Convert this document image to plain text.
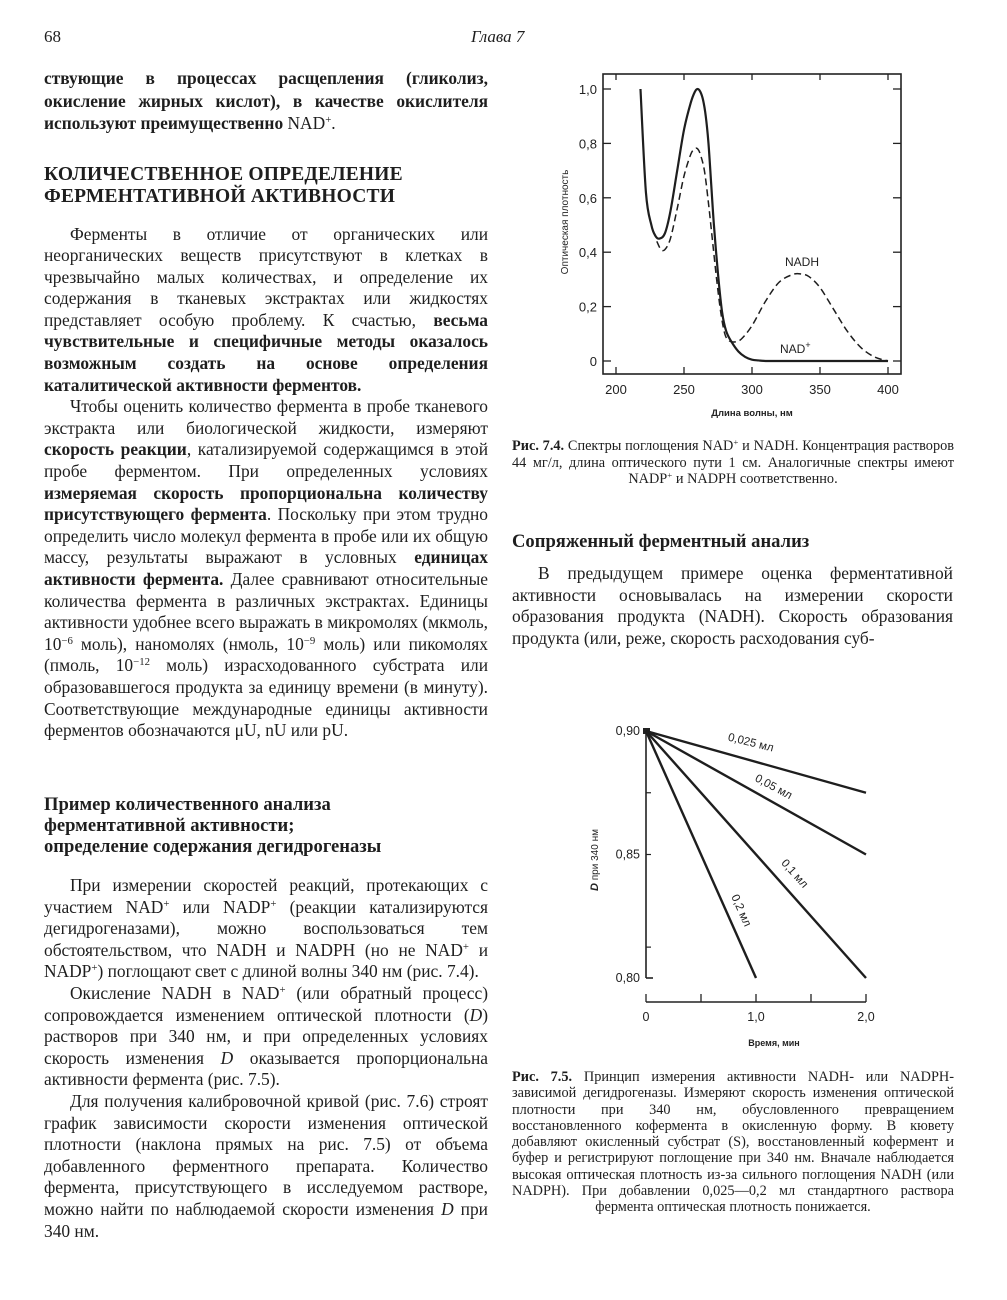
68	Глава 7

ствующие в процессах расщепления (гликолиз, окисление жирных кислот), в качестве окислителя используют преимущественно NAD+.

КОЛИЧЕСТВЕННОЕ ОПРЕДЕЛЕНИЕ
ФЕРМЕНТАТИВНОЙ АКТИВНОСТИ

Ферменты в отличие от органических или неорганических веществ присутствуют в клетках в чрезвычайно малых количествах, и определение их содержания в тканевых экстрактах или жидкостях представляет особую проблему. К счастью, весьма чувствительные и специфичные методы оказалось возможным создать на основе определения каталитической активности ферментов.

Чтобы оценить количество фермента в пробе тканевого экстракта или биологической жидкости, измеряют скорость реакции, катализируемой содержащимся в этой пробе ферментом. При определенных условиях измеряемая скорость пропорциональна количеству присутствующего фермента. Поскольку при этом трудно определить число молекул фермента в пробе или их общую массу, результаты выражают в условных единицах активности фермента. Далее сравнивают относительные количества фермента в различных экстрактах. Единицы активности удобнее всего выражать в микромолях (мкмоль, $10^{-6}$ моль), наномолях (нмоль, $10^{-9}$ моль) или пикомолях (пмоль, $10^{-12}$ моль) израсходованного субстрата или образовавшегося продукта за единицу времени (в минуту). Соответствующие международные единицы активности ферментов обозначаются μU, nU или pU.

Пример количественного анализа
ферментативной активности;
определение содержания дегидрогеназы

При измерении скоростей реакций, протекающих с участием NAD+ или NADP+ (реакции катализируются дегидрогеназами), можно воспользоваться тем обстоятельством, что NADH и NADPH (но не NAD+ и NADP+) поглощают свет с длиной волны 340 нм (рис. 7.4).

Окисление NADH в NAD+ (или обратный процесс) сопровождается изменением оптической плотности (D) растворов при 340 нм, и при определенных условиях скорость изменения D оказывается пропорциональна активности фермента (рис. 7.5).

Для получения калибровочной кривой (рис. 7.6) строят график зависимости скорости изменения оптической плотности (наклона прямых на рис. 7.5) от объема добавленного ферментного препарата. Количество фермента, присутствующего в исследуемом растворе, можно найти по наблюдаемой скорости изменения D при 340 нм.

200	250	300	350	400
0
0,2
0,4
0,6
0,8
1,0
Длина волны, нм
Оптическая плотность	NADH
NAD+
Рис. 7.4. Спектры поглощения NAD+ и NADH. Концентрация растворов 44 мг/л, длина оптического пути 1 см. Аналогичные спектры имеют NADP+ и NADPH соответственно.
Сопряженный ферментный анализ

В предыдущем примере оценка ферментативной активности основывалась на измерении скорости образования продукта (NADH). Скорость образования продукта (или, реже, скорость расходования суб-

0	1,0	2,0
0,80
0,85
0,90
Время, мин
D при 340 нм
0,025 мл
0,05 мл
0,1 мл
0,2 мл
Рис. 7.5. Принцип измерения активности NADH- или NADPH-зависимой дегидрогеназы. Измеряют скорость изменения оптической плотности при 340 нм, обусловленного превращением восстановленного кофермента в окисленную форму. В кювету добавляют окисленный субстрат (S), восстановленный кофермент и буфер и регистрируют поглощение при 340 нм. Вначале наблюдается высокая оптическая плотность из-за сильного поглощения NADH (или NADPH). При добавлении 0,025—0,2 мл стандартного раствора фермента оптическая плотность понижается.
